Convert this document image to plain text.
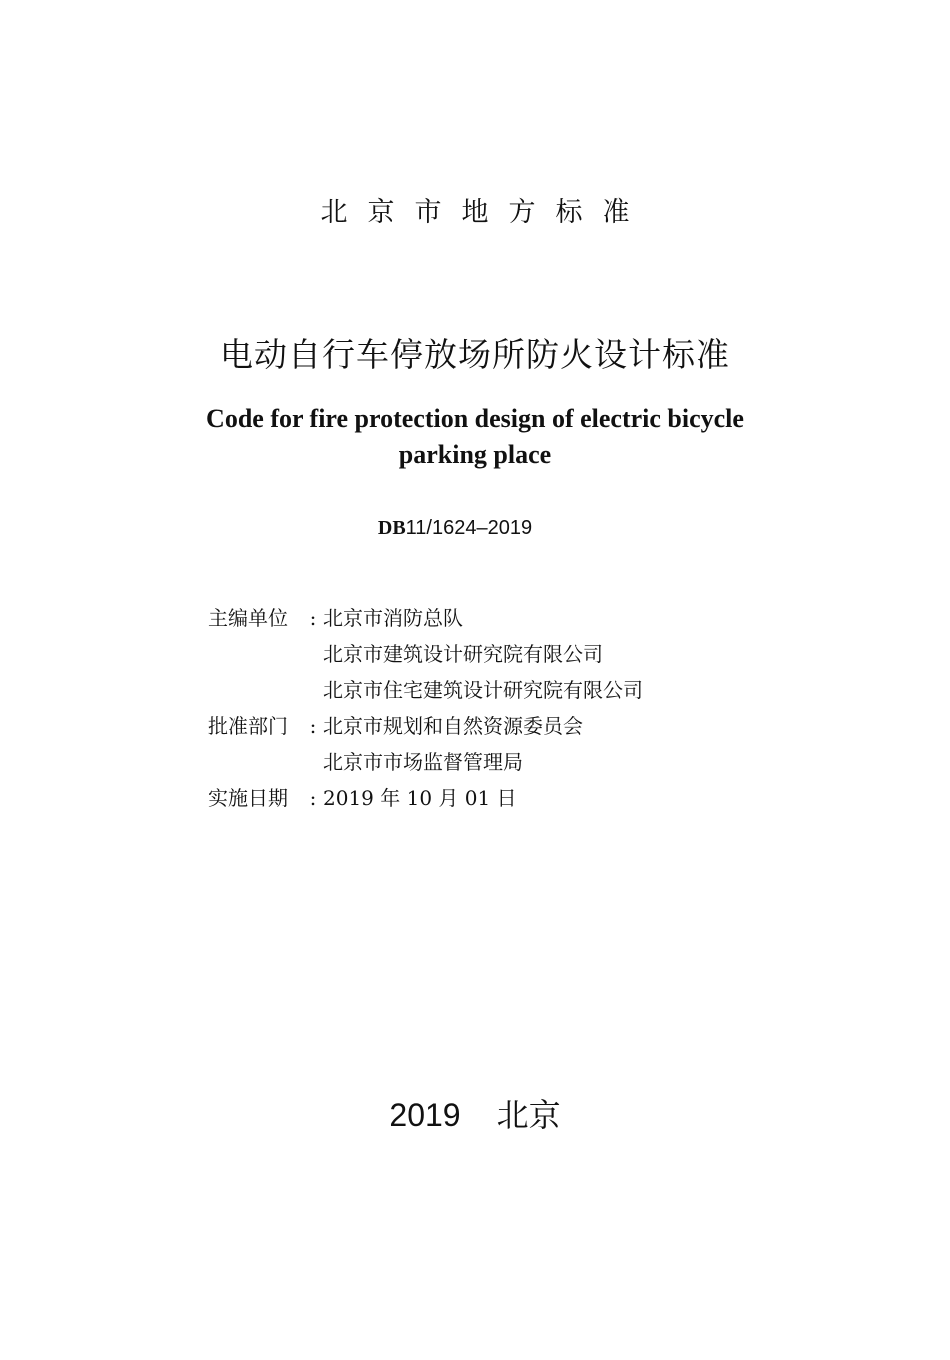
北京市地方标准
电动自行车停放场所防火设计标准
Code for fire protection design of electric bicycle
parking place
DB11/1624–2019
主编单位	: 北京市消防总队
北京市建筑设计研究院有限公司
北京市住宅建筑设计研究院有限公司
批准部门	: 北京市规划和自然资源委员会
北京市市场监督管理局
实施日期	: 2019 年 10 月 01 日
2019 北京
